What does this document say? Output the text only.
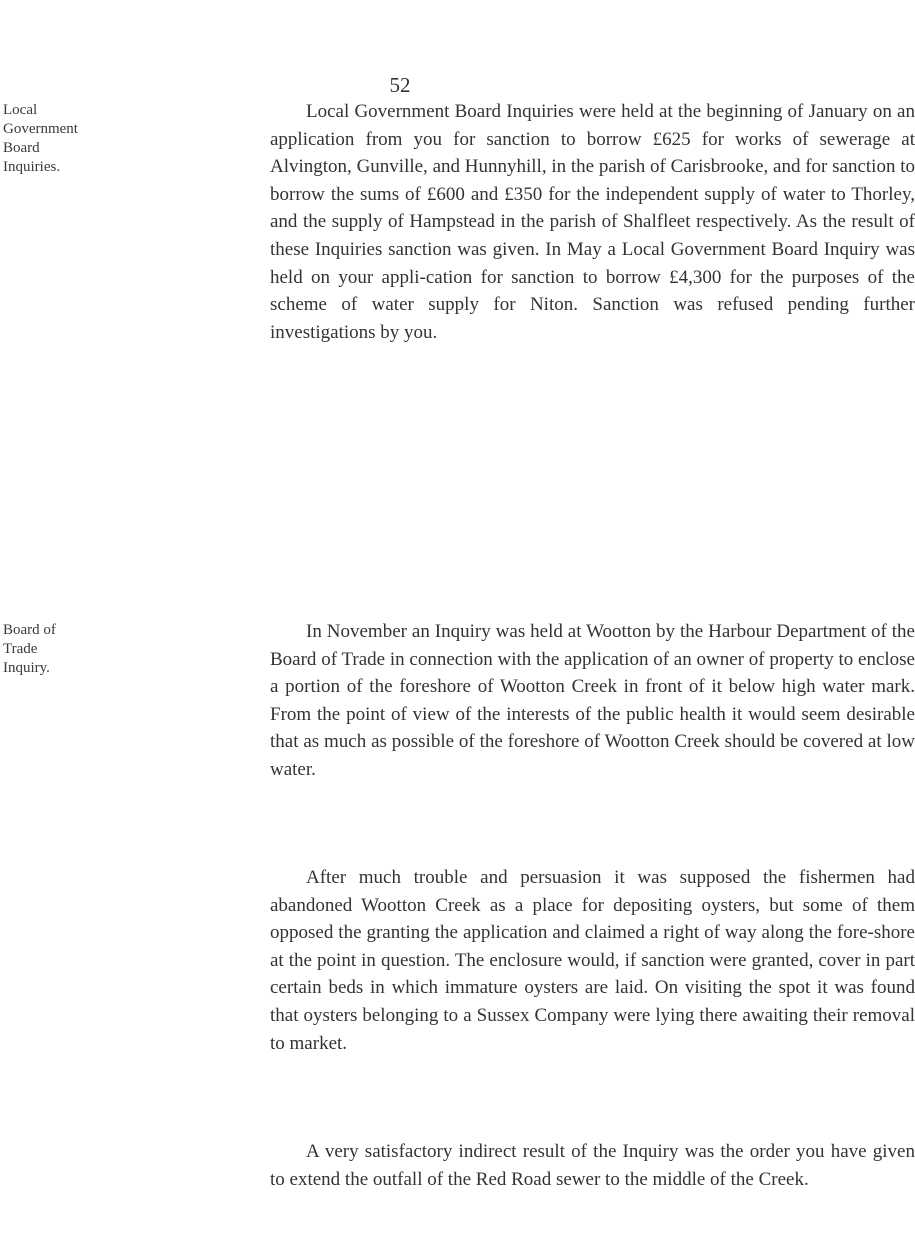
52
Local
Government
Board
Inquiries.
Board of
Trade
Inquiry.

Local Government Board Inquiries were held at the beginning of January on an application from you for sanction to borrow £625 for works of sewerage at Alvington, Gunville, and Hunnyhill, in the parish of Carisbrooke, and for sanction to borrow the sums of £600 and £350 for the independent supply of water to Thorley, and the supply of Hampstead in the parish of Shalfleet respectively. As the result of these Inquiries sanction was given. In May a Local Government Board Inquiry was held on your appli-cation for sanction to borrow £4,300 for the purposes of the scheme of water supply for Niton. Sanction was refused pending further investigations by you.

In November an Inquiry was held at Wootton by the Harbour Department of the Board of Trade in connection with the application of an owner of property to enclose a portion of the foreshore of Wootton Creek in front of it below high water mark. From the point of view of the interests of the public health it would seem desirable that as much as possible of the foreshore of Wootton Creek should be covered at low water.

After much trouble and persuasion it was supposed the fishermen had abandoned Wootton Creek as a place for depositing oysters, but some of them opposed the granting the application and claimed a right of way along the fore-shore at the point in question. The enclosure would, if sanction were granted, cover in part certain beds in which immature oysters are laid. On visiting the spot it was found that oysters belonging to a Sussex Company were lying there awaiting their removal to market.

A very satisfactory indirect result of the Inquiry was the order you have given to extend the outfall of the Red Road sewer to the middle of the Creek.
